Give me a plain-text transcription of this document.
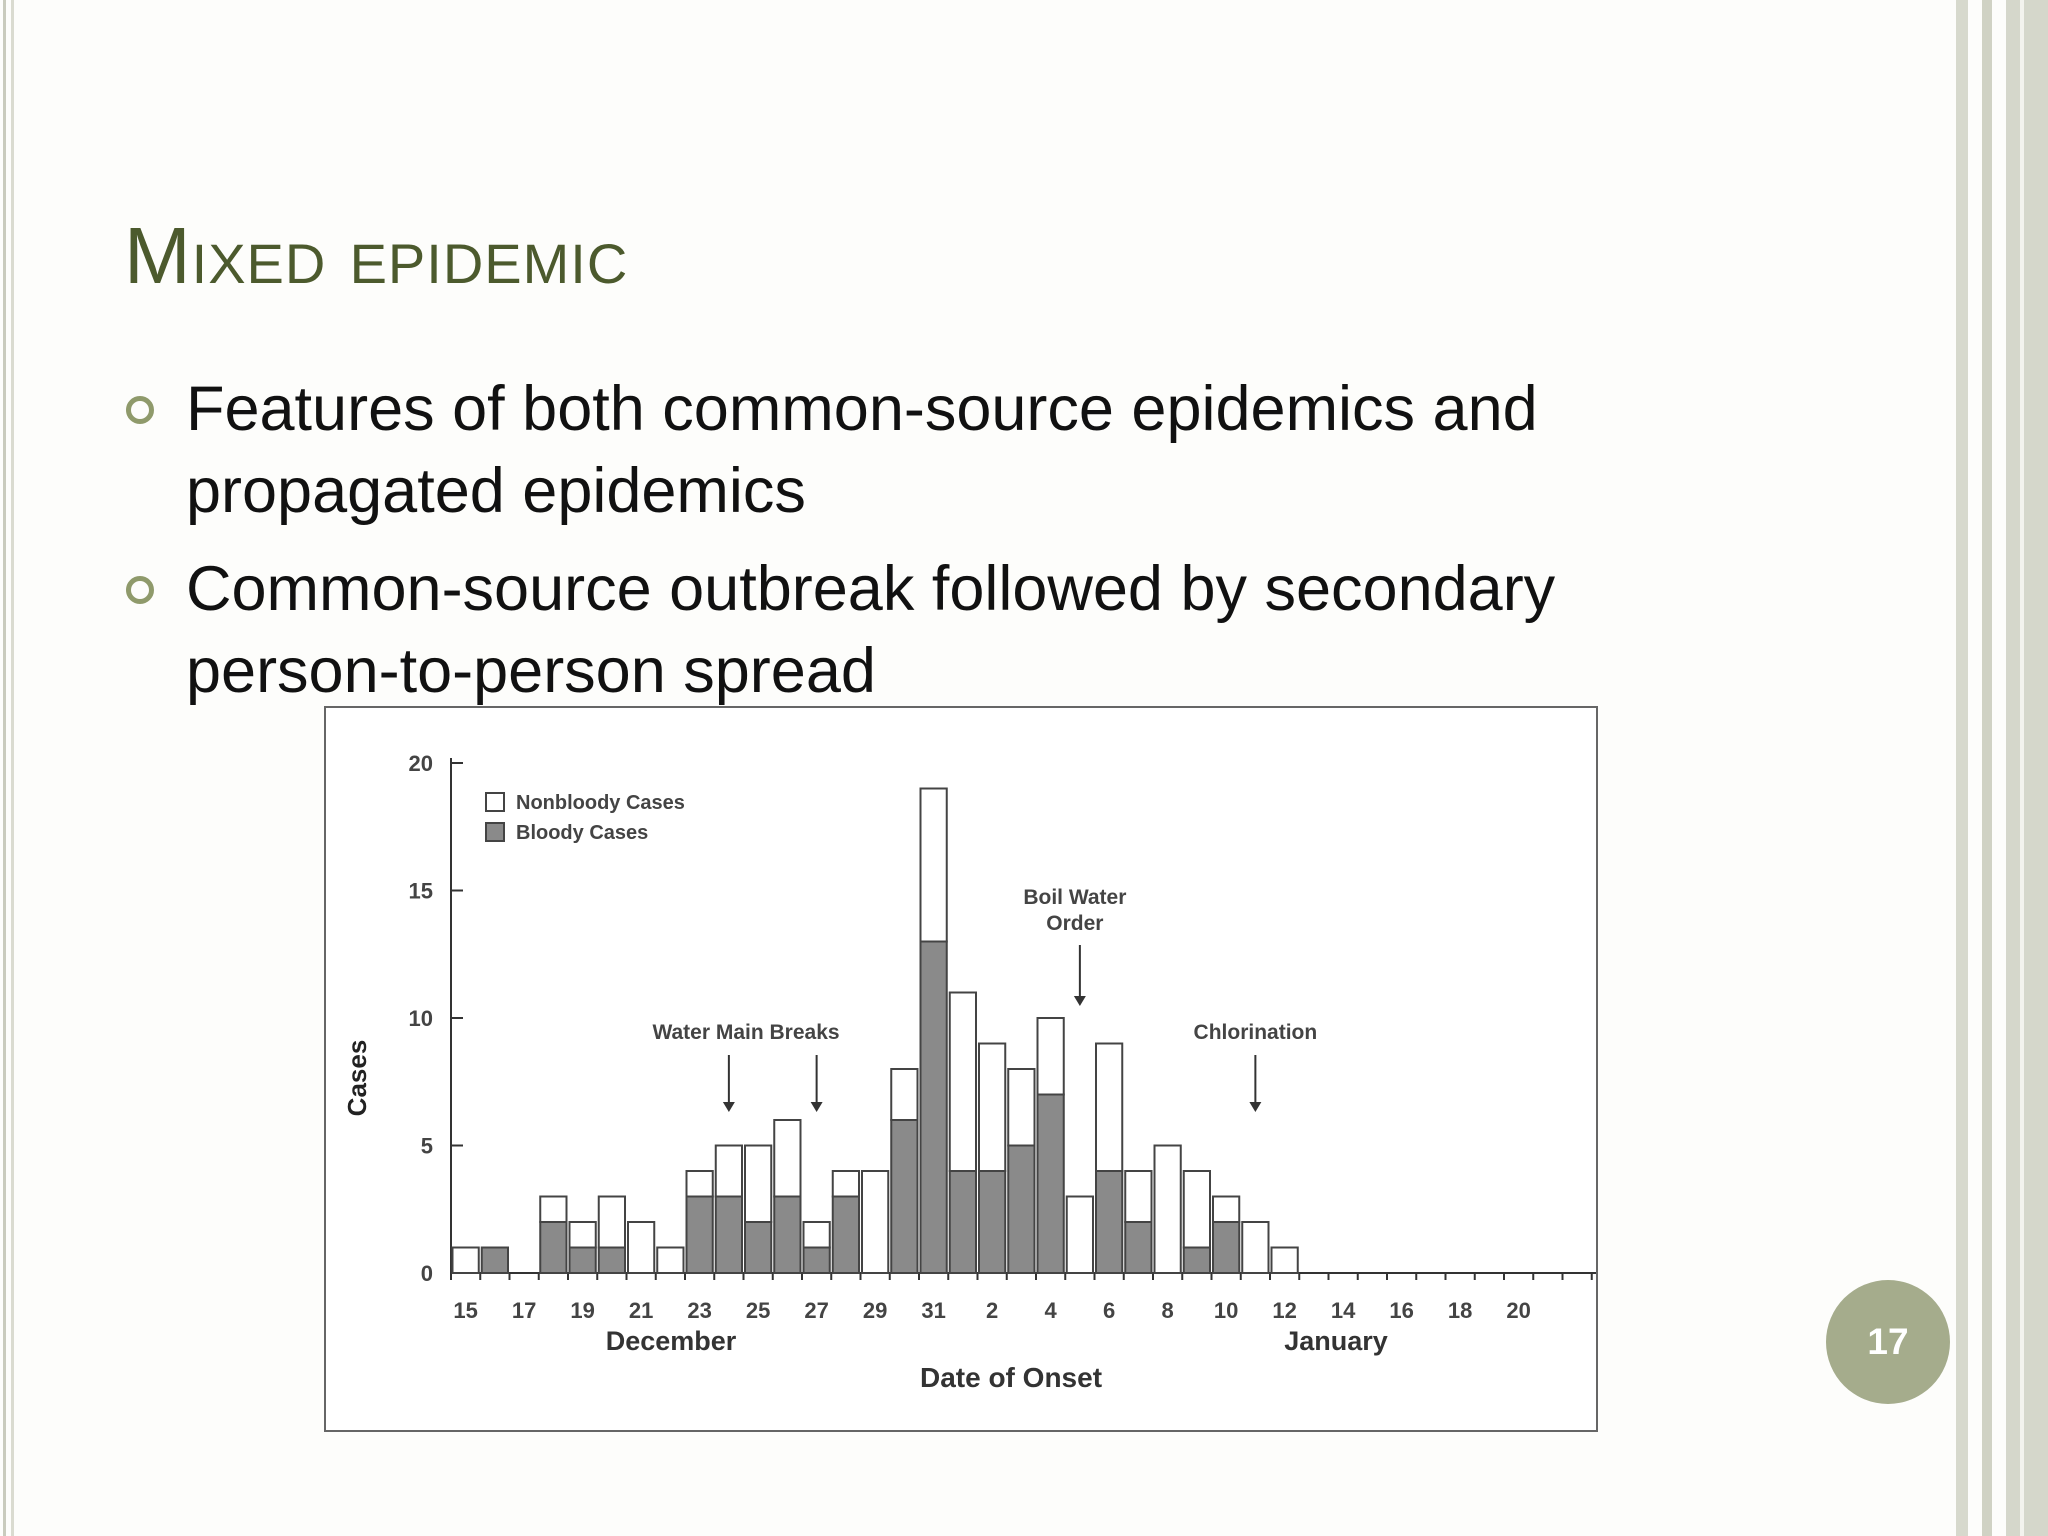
Mixed epidemic
Features of both common-source epidemics and propagated epidemics
Common-source outbreak followed by secondary person-to-person spread
0
5
10
15
20
Cases
15 17 19 21 23 25 27 29 31 2 4 6 8 10 12 14 16 18 20
December	January
Date of Onset
Nonbloody Cases
Bloody Cases
Water Main Breaks
Boil Water
Order
Chlorination
17
